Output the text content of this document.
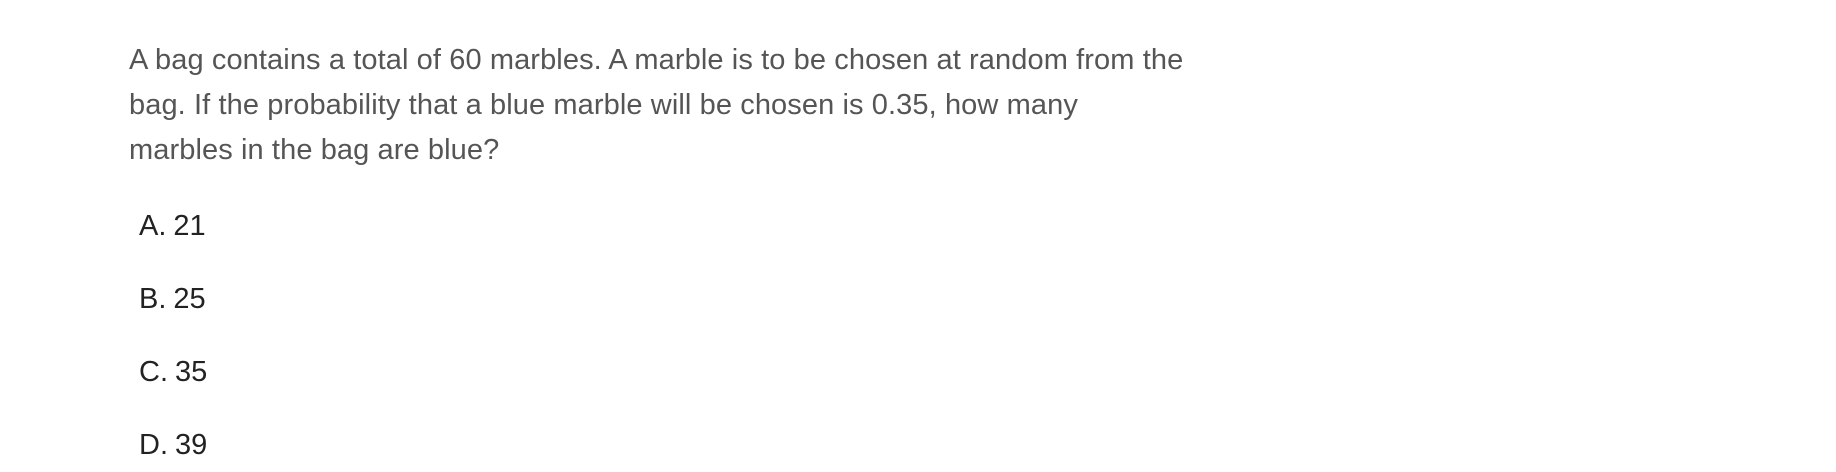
A bag contains a total of 60 marbles. A marble is to be chosen at random from the bag. If the probability that a blue marble will be chosen is 0.35, how many marbles in the bag are blue?

A. 21
B. 25
C. 35
D. 39
